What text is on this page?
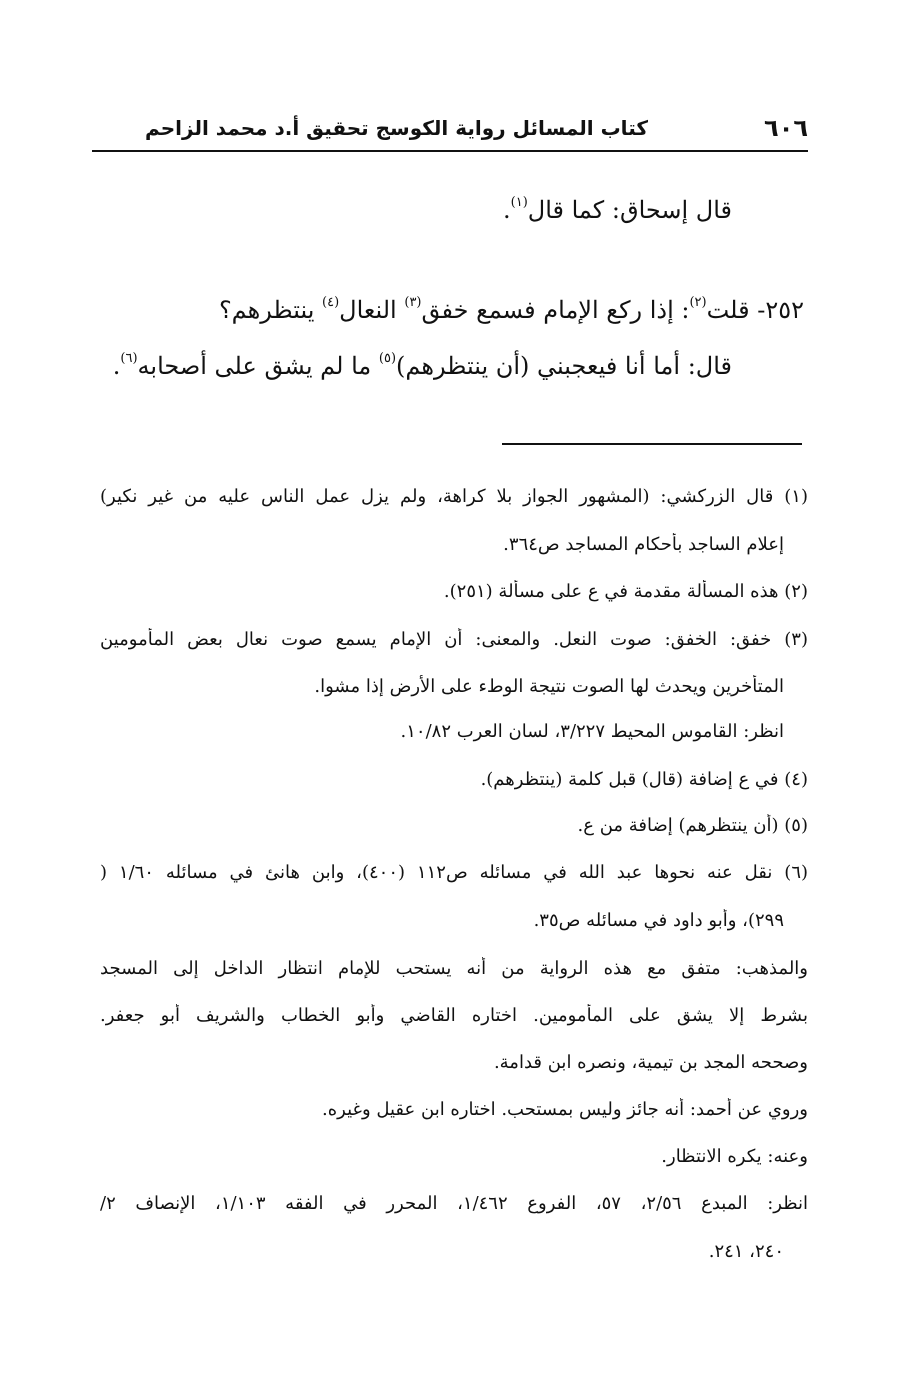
٦٠٦
كتاب المسائل رواية الكوسج تحقيق أ.د محمد الزاحم
قال إسحاق: كما قال$^{(١)}$.
٢٥٢- قلت$^{(٢)}$: إذا ركع الإمام فسمع خفق$^{(٣)}$ النعال$^{(٤)}$ ينتظرهم؟
قال: أما أنا فيعجبني (أن ينتظرهم)$^{(٥)}$ ما لم يشق على أصحابه$^{(٦)}$.
(١) قال الزركشي: (المشهور الجواز بلا كراهة، ولم يزل عمل الناس عليه من غير نكير)
إعلام الساجد بأحكام المساجد ص٣٦٤.
(٢) هذه المسألة مقدمة في ع على مسألة (٢٥١).
(٣) خفق: الخفق: صوت النعل. والمعنى: أن الإمام يسمع صوت نعال بعض المأمومين
المتأخرين ويحدث لها الصوت نتيجة الوطء على الأرض إذا مشوا.
انظر: القاموس المحيط ٣/٢٢٧، لسان العرب ١٠/٨٢.
(٤) في ع إضافة (قال) قبل كلمة (ينتظرهم).
(٥) (أن ينتظرهم) إضافة من ع.
(٦) نقل عنه نحوها عبد الله في مسائله ص١١٢ (٤٠٠)، وابن هانئ في مسائله ١/٦٠ (
٢٩٩)، وأبو داود في مسائله ص٣٥.
والمذهب: متفق مع هذه الرواية من أنه يستحب للإمام انتظار الداخل إلى المسجد
بشرط إلا يشق على المأمومين. اختاره القاضي وأبو الخطاب والشريف أبو جعفر.
وصححه المجد بن تيمية، ونصره ابن قدامة.
وروي عن أحمد: أنه جائز وليس بمستحب. اختاره ابن عقيل وغيره.
وعنه: يكره الانتظار.
انظر: المبدع ٢/٥٦، ٥٧، الفروع ١/٤٦٢، المحرر في الفقه ١/١٠٣، الإنصاف ٢/
٢٤٠، ٢٤١.
